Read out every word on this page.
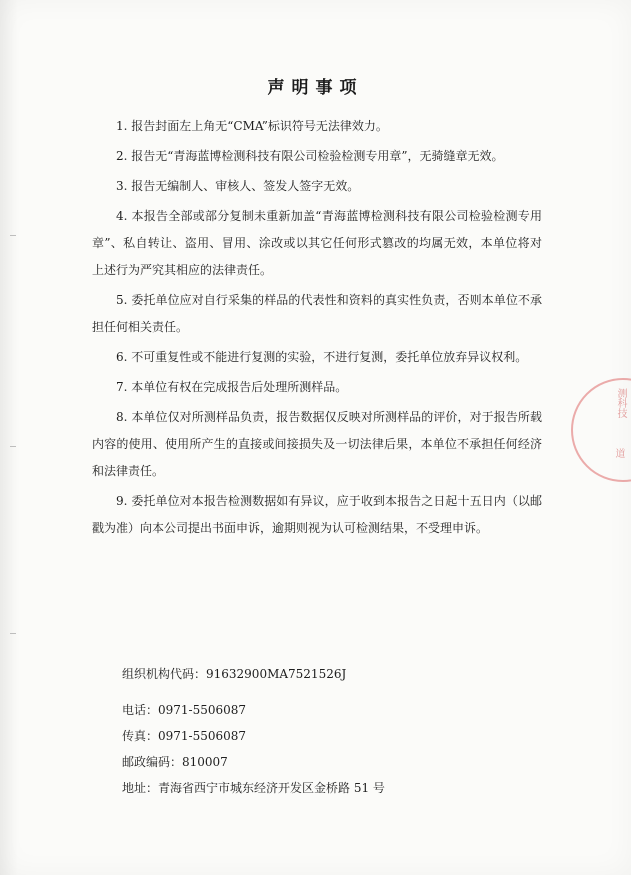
声明事项

1. 报告封面左上角无“CMA”标识符号无法律效力。

2. 报告无“青海蓝博检测科技有限公司检验检测专用章”，无骑缝章无效。

3. 报告无编制人、审核人、签发人签字无效。

4. 本报告全部或部分复制未重新加盖“青海蓝博检测科技有限公司检验检测专用章”、私自转让、盗用、冒用、涂改或以其它任何形式篡改的均属无效，本单位将对上述行为严究其相应的法律责任。

5. 委托单位应对自行采集的样品的代表性和资料的真实性负责，否则本单位不承担任何相关责任。

6. 不可重复性或不能进行复测的实验，不进行复测，委托单位放弃异议权利。

7. 本单位有权在完成报告后处理所测样品。

8. 本单位仅对所测样品负责，报告数据仅反映对所测样品的评价，对于报告所载内容的使用、使用所产生的直接或间接损失及一切法律后果，本单位不承担任何经济和法律责任。

9. 委托单位对本报告检测数据如有异议，应于收到本报告之日起十五日内（以邮戳为准）向本公司提出书面申诉，逾期则视为认可检测结果，不受理申诉。

组织机构代码：91632900MA7521526J
电话：0971-5506087
传真：0971-5506087
邮政编码：810007
地址：青海省西宁市城东经济开发区金桥路 51 号
测科技
道
